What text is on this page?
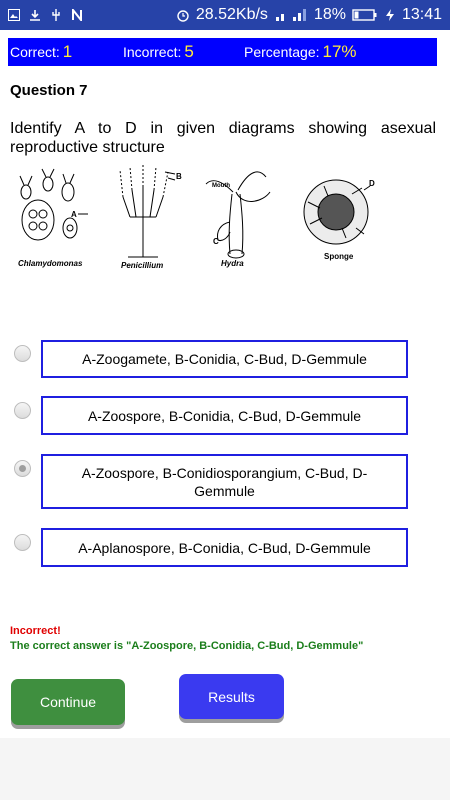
28.52Kb/s	18%	13:41
Correct: 1	Incorrect: 5	Percentage: 17%
Question 7
Identify A to D in given diagrams showing asexual reproductive structure
A
Chlamydomonas
B
Penicillium
Mouth
C
Hydra
D
Sponge
A-Zoogamete, B-Conidia, C-Bud, D-Gemmule
A-Zoospore, B-Conidia, C-Bud, D-Gemmule
A-Zoospore, B-Conidiosporangium, C-Bud, D-Gemmule
A-Aplanospore, B-Conidia, C-Bud, D-Gemmule
Incorrect!
The correct answer is "A-Zoospore, B-Conidia, C-Bud, D-Gemmule"
Continue	Results
